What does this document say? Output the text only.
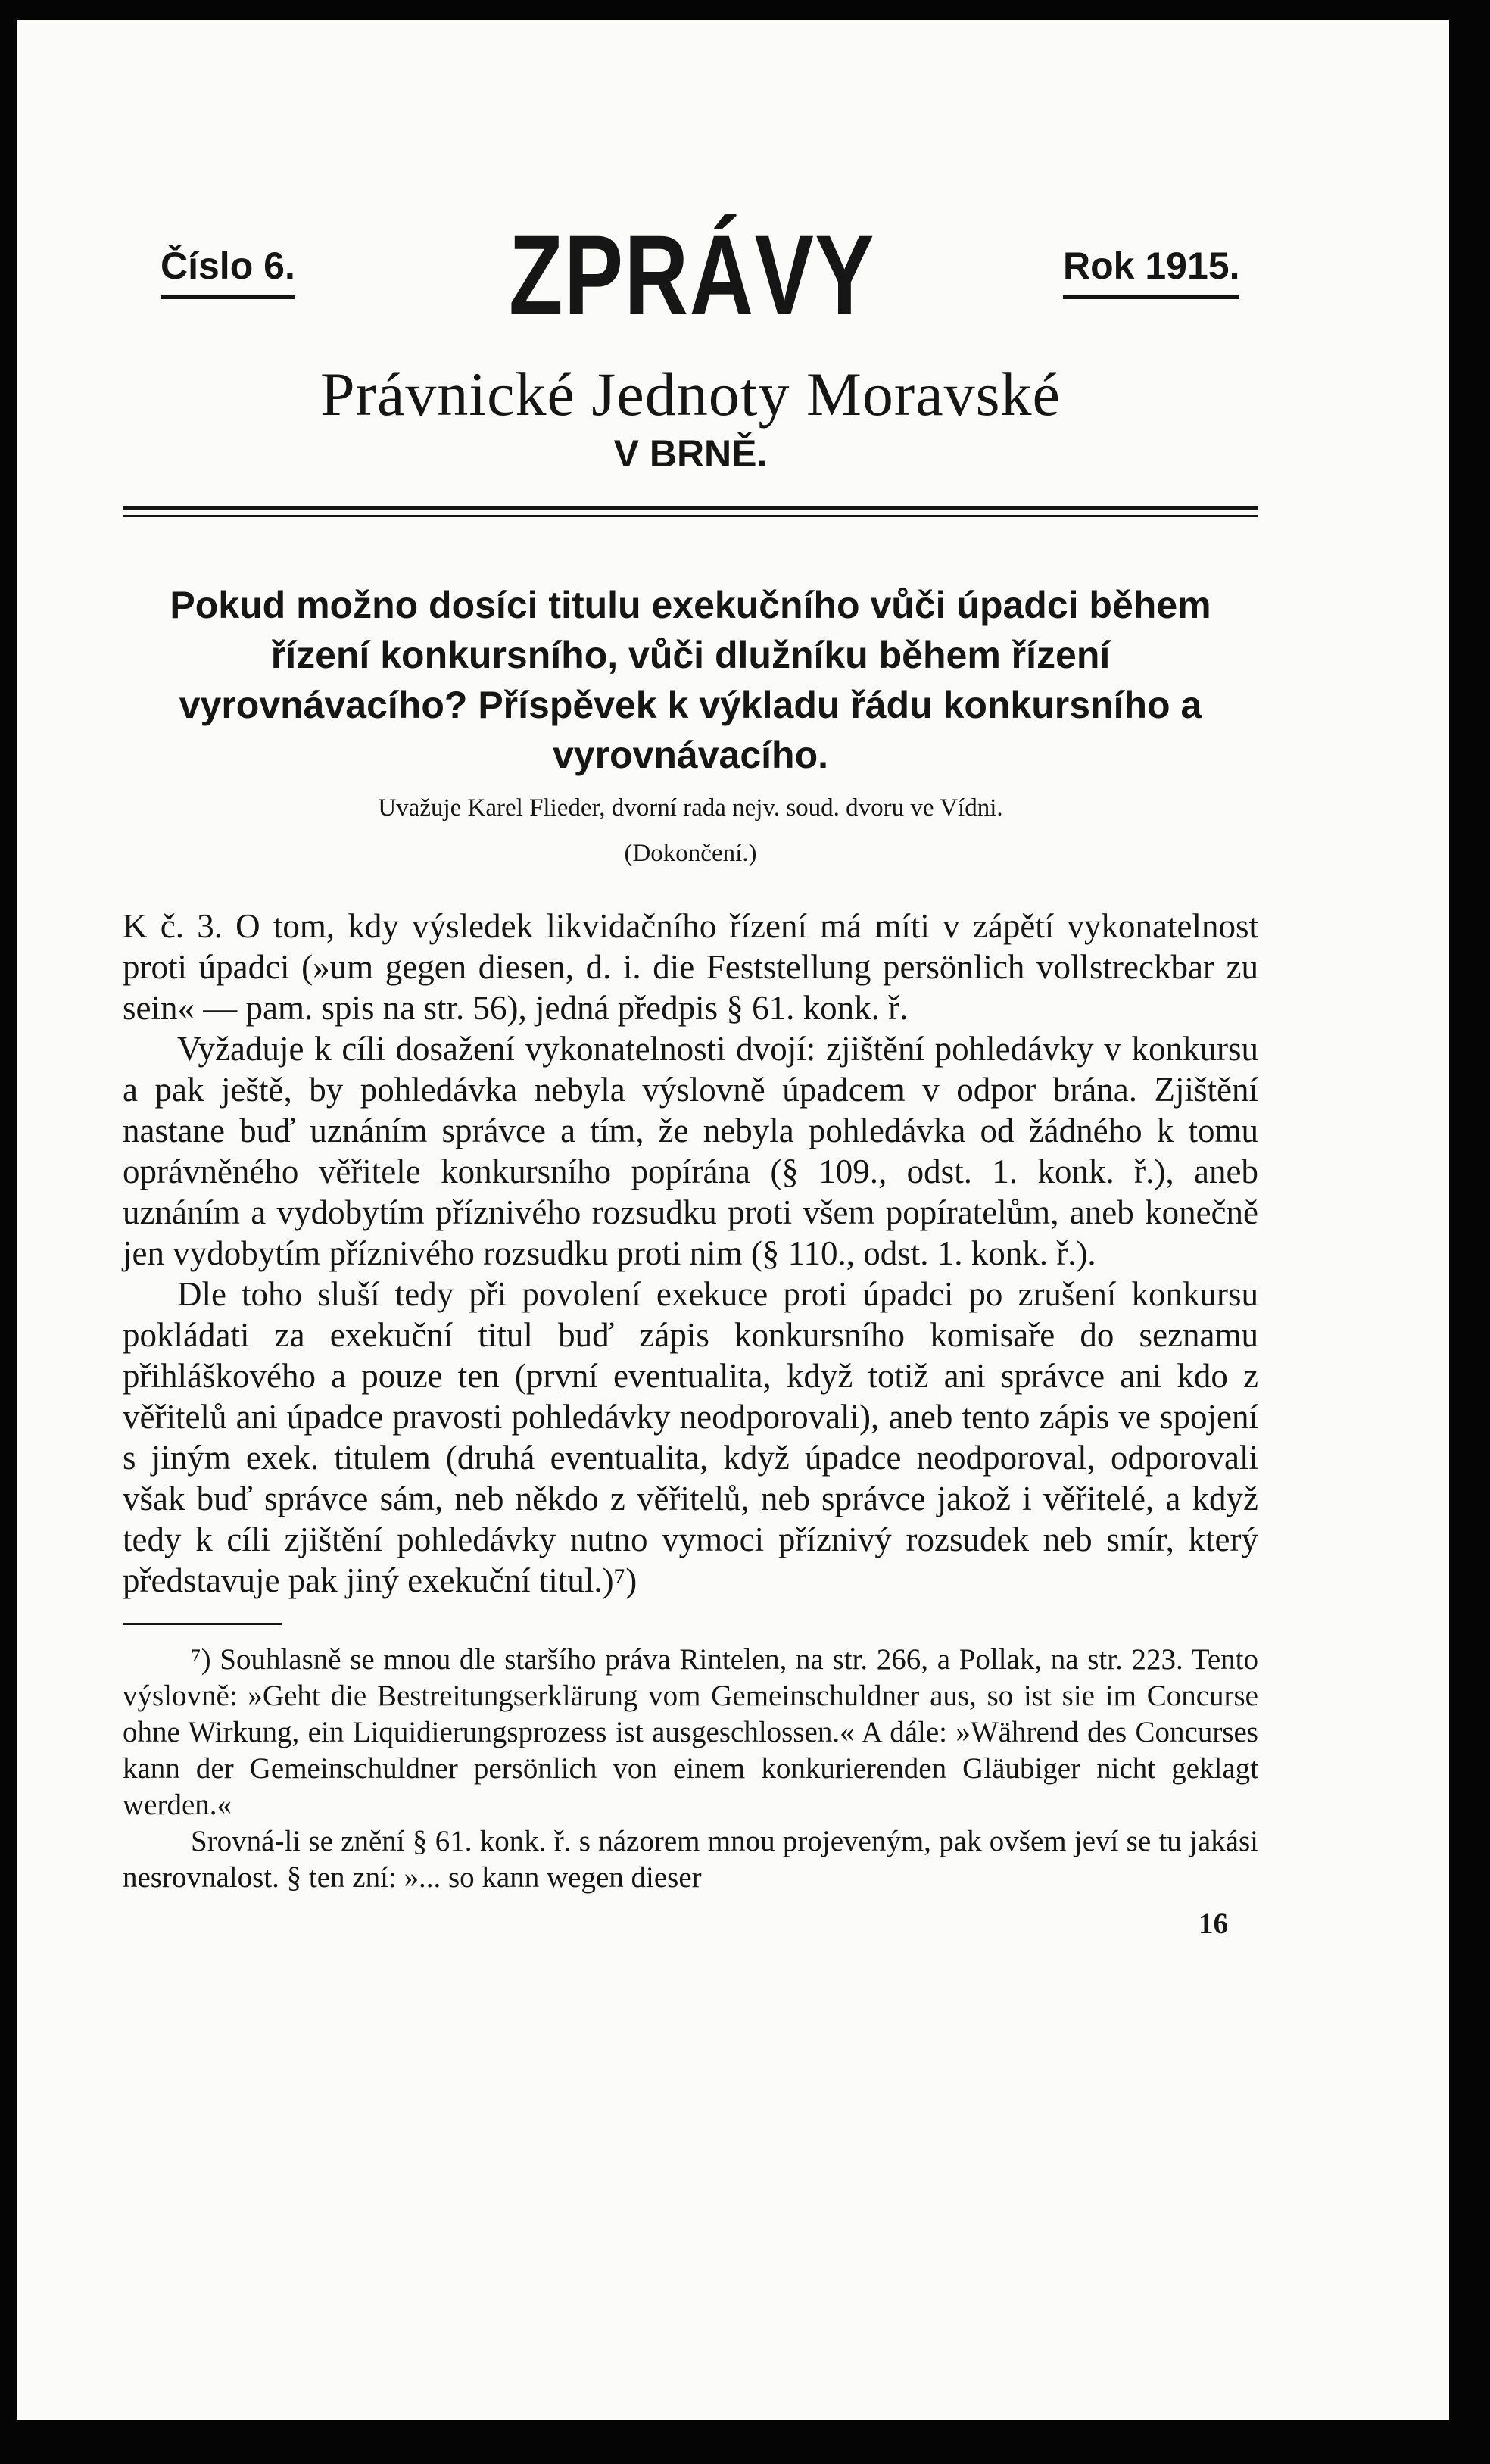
Číslo 6. ZPRÁVY	Rok 1915.
Právnické Jednoty Moravské
V BRNĚ.
Pokud možno dosíci titulu exekučního vůči úpadci během řízení konkursního, vůči dlužníku během řízení vyrovnávacího? Příspěvek k výkladu řádu konkursního a vyrovnávacího.
Uvažuje Karel Flieder, dvorní rada nejv. soud. dvoru ve Vídni.
(Dokončení.)

K č. 3. O tom, kdy výsledek likvidačního řízení má míti v zápětí vykonatelnost proti úpadci (»um gegen diesen, d. i. die Feststellung persönlich vollstreckbar zu sein« — pam. spis na str. 56), jedná předpis § 61. konk. ř.

Vyžaduje k cíli dosažení vykonatelnosti dvojí: zjištění pohledávky v konkursu a pak ještě, by pohledávka nebyla výslovně úpadcem v odpor brána. Zjištění nastane buď uznáním správce a tím, že nebyla pohledávka od žádného k tomu oprávněného věřitele konkursního popírána (§ 109., odst. 1. konk. ř.), aneb uznáním a vydobytím příznivého rozsudku proti všem popíratelům, aneb konečně jen vydobytím příznivého rozsudku proti nim (§ 110., odst. 1. konk. ř.).

Dle toho sluší tedy při povolení exekuce proti úpadci po zrušení konkursu pokládati za exekuční titul buď zápis konkursního komisaře do seznamu přihláškového a pouze ten (první eventualita, když totiž ani správce ani kdo z věřitelů ani úpadce pravosti pohledávky neodporovali), aneb tento zápis ve spojení s jiným exek. titulem (druhá eventualita, když úpadce neodporoval, odporovali však buď správce sám, neb někdo z věřitelů, neb správce jakož i věřitelé, a když tedy k cíli zjištění pohledávky nutno vymoci příznivý rozsudek neb smír, který představuje pak jiný exekuční titul.)⁷)

⁷) Souhlasně se mnou dle staršího práva Rintelen, na str. 266, a Pollak, na str. 223. Tento výslovně: »Geht die Bestreitungserklärung vom Gemeinschuldner aus, so ist sie im Concurse ohne Wirkung, ein Liquidierungsprozess ist ausgeschlossen.« A dále: »Während des Concurses kann der Gemeinschuldner persönlich von einem konkurierenden Gläubiger nicht geklagt werden.«

Srovná-li se znění § 61. konk. ř. s názorem mnou projeveným, pak ovšem jeví se tu jakási nesrovnalost. § ten zní: »... so kann wegen dieser

16
